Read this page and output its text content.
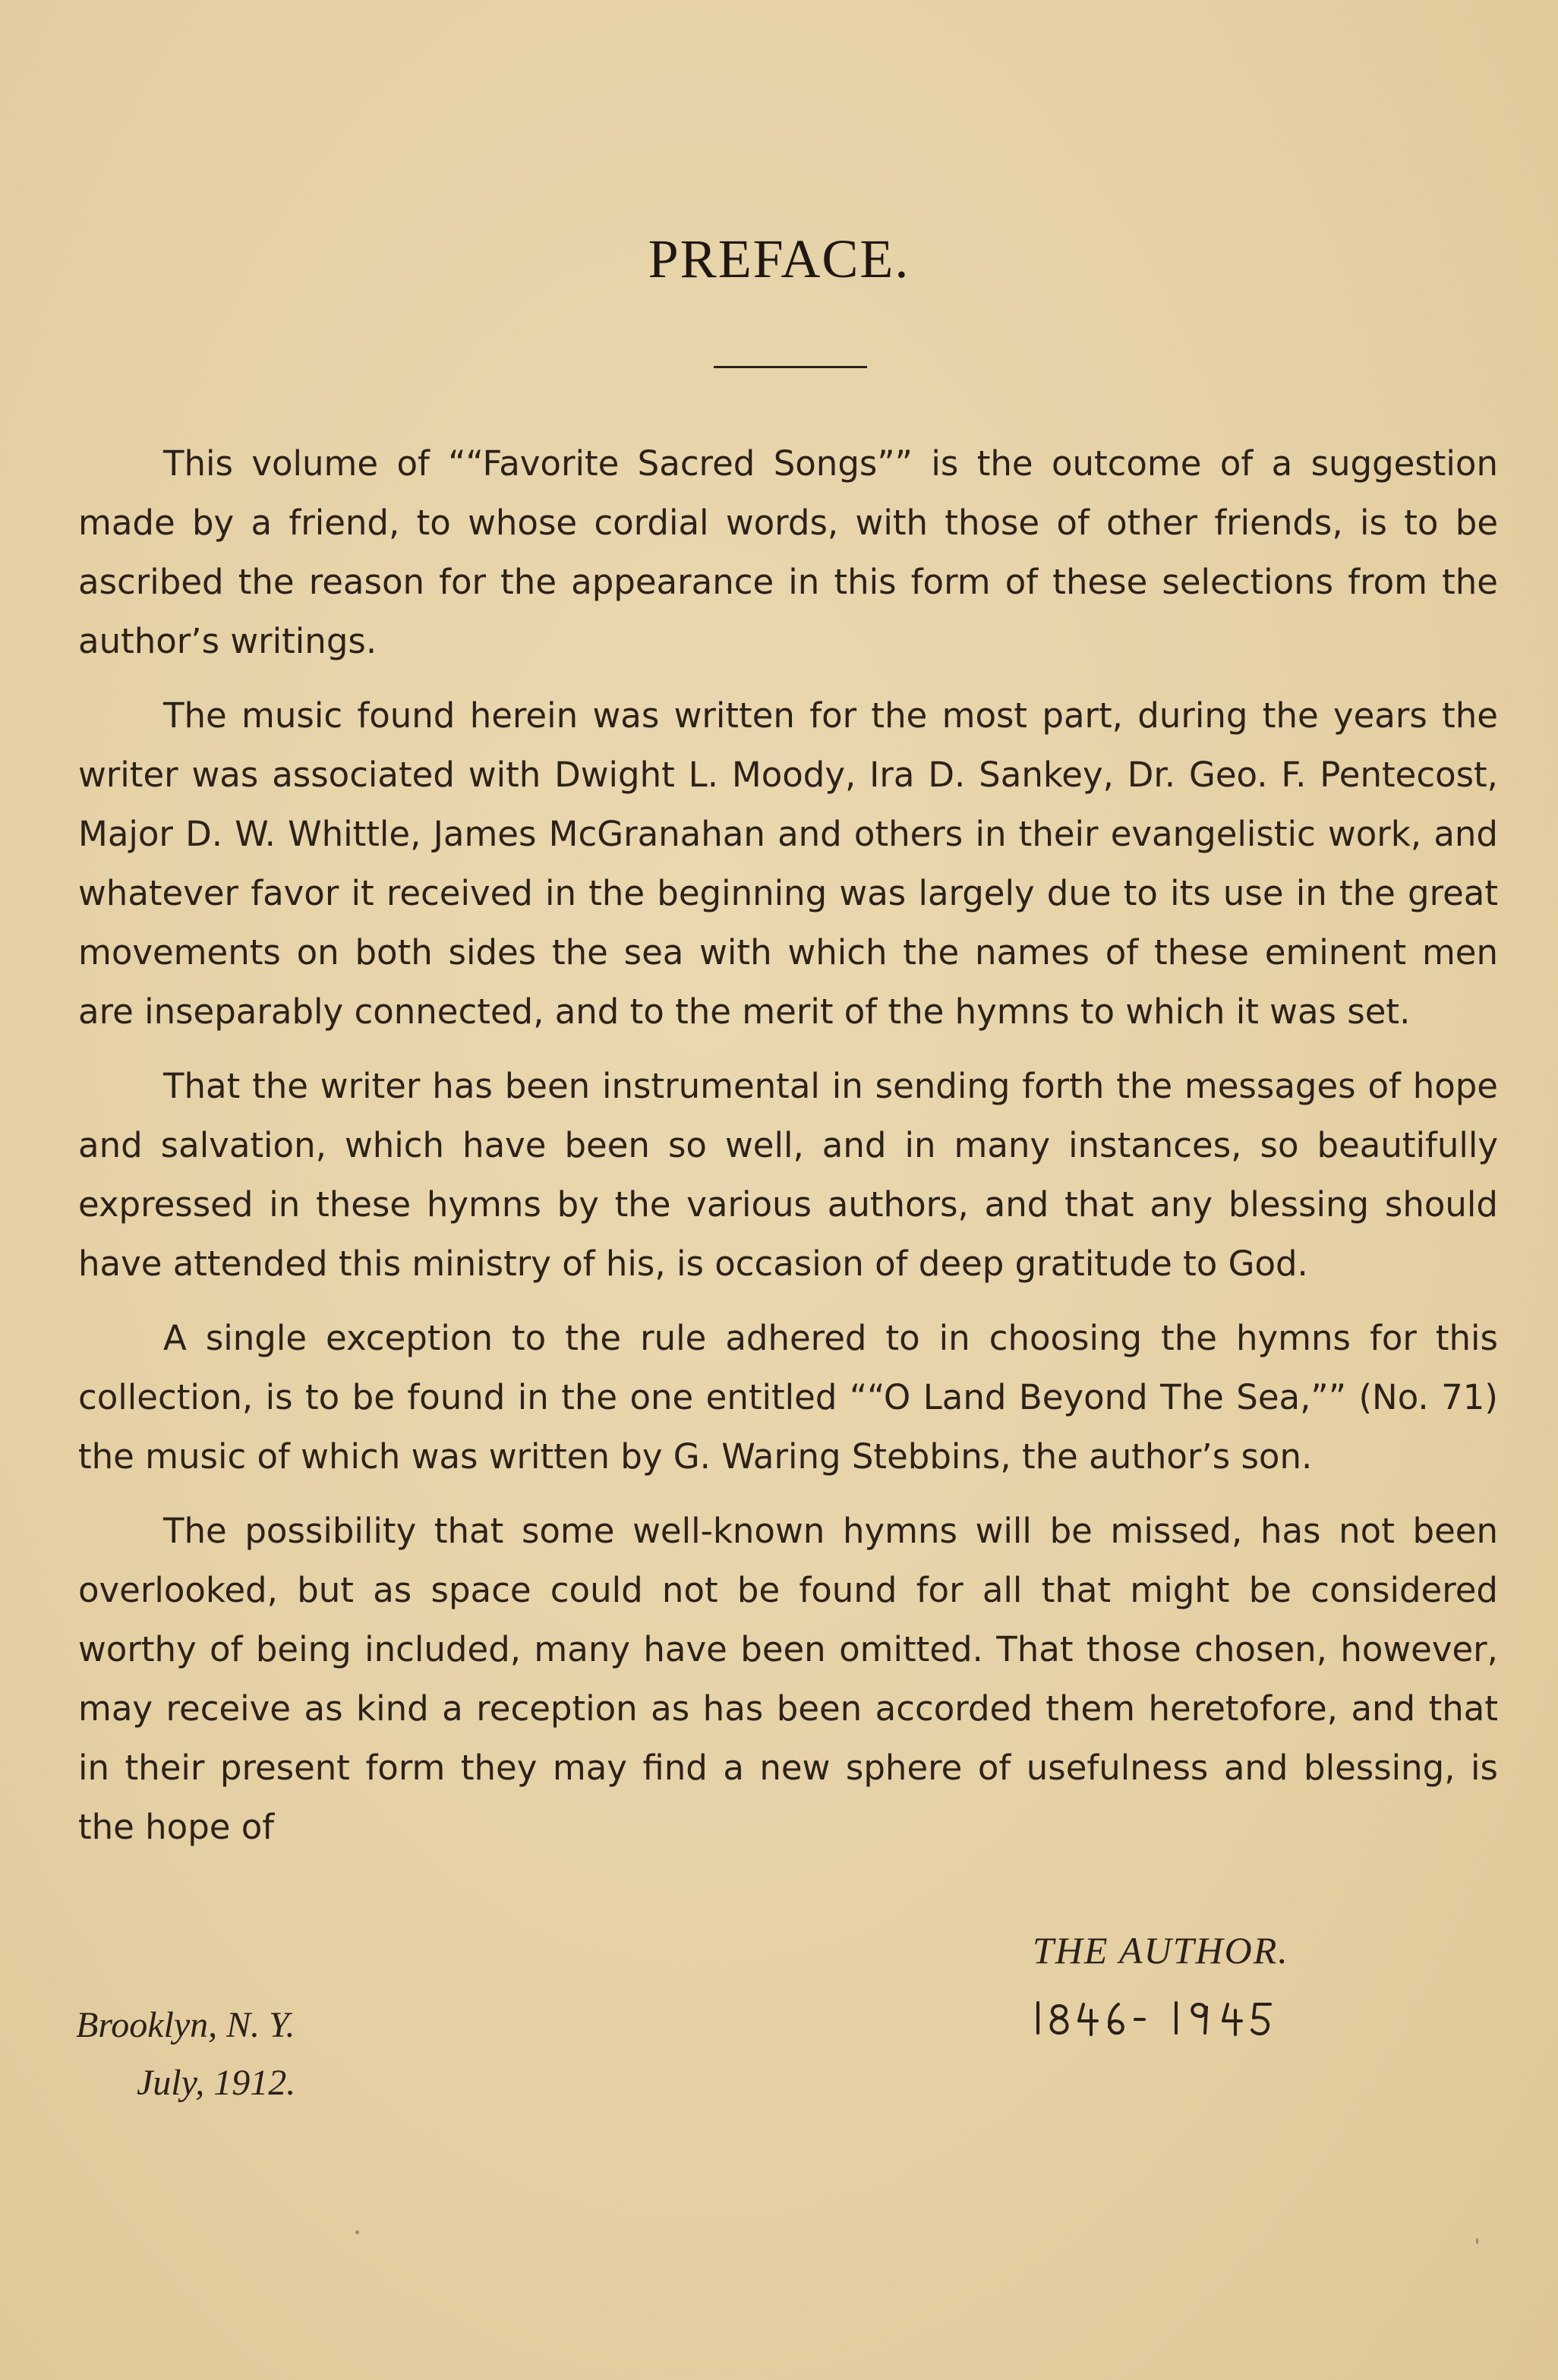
PREFACE.

This volume of ““Favorite Sacred Songs”” is the outcome of a suggestion made by a friend, to whose cordial words, with those of other friends, is to be ascribed the reason for the appearance in this form of these selections from the author’s writings.

The music found herein was written for the most part, during the years the writer was associated with Dwight L. Moody, Ira D. Sankey, Dr. Geo. F. Pentecost, Major D. W. Whittle, James McGranahan and others in their evangelistic work, and whatever favor it received in the beginning was largely due to its use in the great movements on both sides the sea with which the names of these eminent men are inseparably connected, and to the merit of the hymns to which it was set.

That the writer has been instrumental in sending forth the messages of hope and salvation, which have been so well, and in many instances, so beautifully expressed in these hymns by the various authors, and that any blessing should have attended this ministry of his, is occasion of deep gratitude to God.

A single exception to the rule adhered to in choosing the hymns for this collection, is to be found in the one entitled ““O Land Beyond The Sea,”” (No. 71) the music of which was written by G. Waring Stebbins, the author’s son.

The possibility that some well-known hymns will be missed, has not been overlooked, but as space could not be found for all that might be considered worthy of being included, many have been omitted. That those chosen, however, may receive as kind a reception as has been accorded them heretofore, and that in their present form they may find a new sphere of usefulness and blessing, is the hope of

THE AUTHOR.
Brooklyn, N. Y.
July, 1912.
